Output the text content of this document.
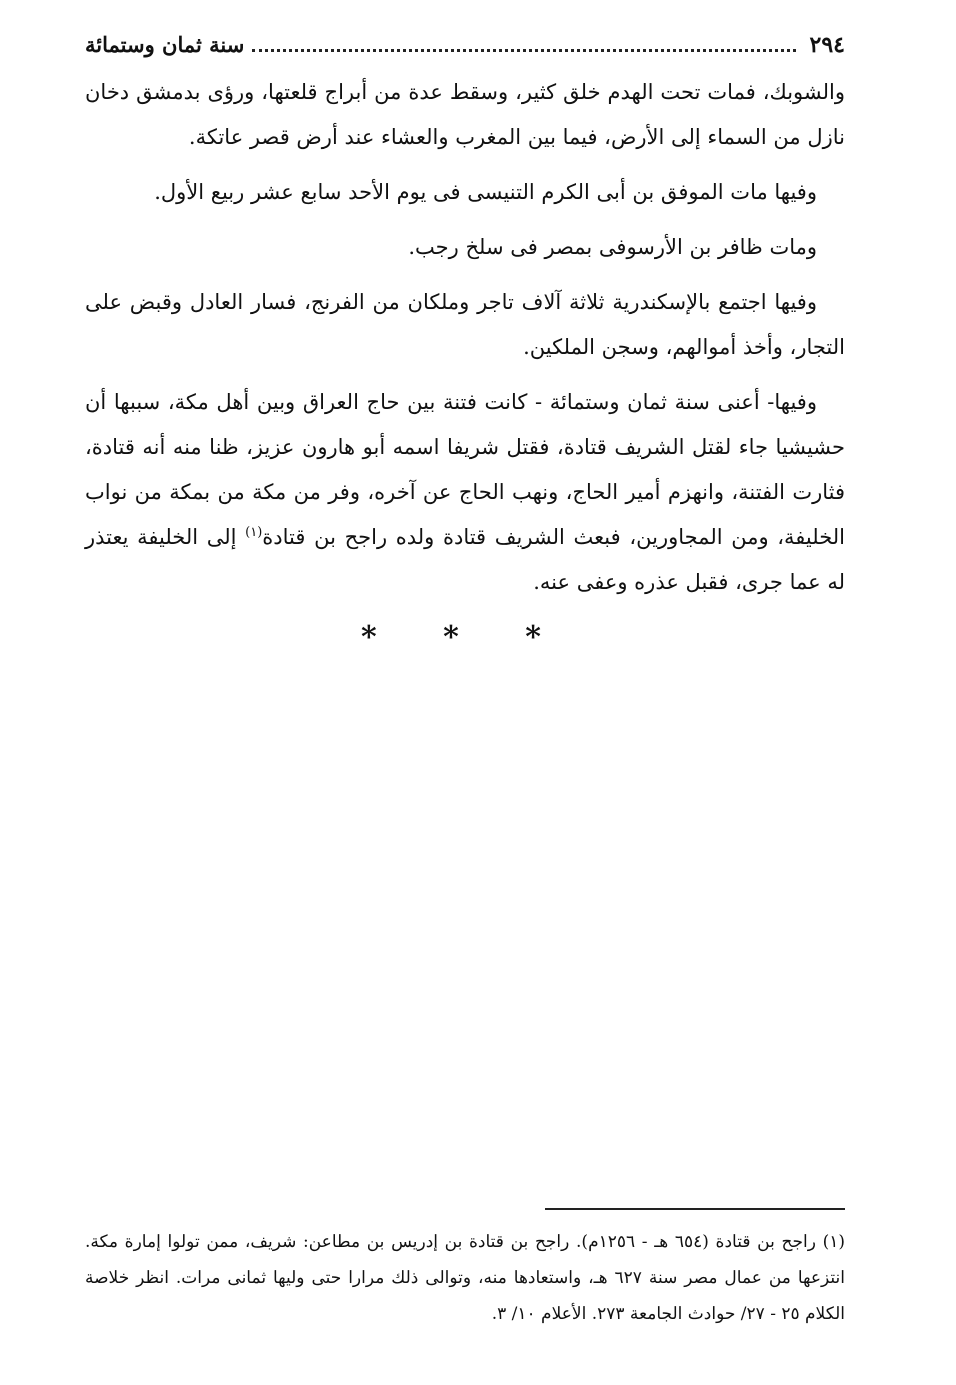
٢٩٤
سنة ثمان وستمائة

والشوبك، فمات تحت الهدم خلق كثير، وسقط عدة من أبراج قلعتها، ورؤى بدمشق دخان نازل من السماء إلى الأرض، فيما بين المغرب والعشاء عند أرض قصر عاتكة.

وفيها مات الموفق بن أبى الكرم التنيسى فى يوم الأحد سابع عشر ربيع الأول.

ومات ظافر بن الأرسوفى بمصر فى سلخ رجب.

وفيها اجتمع بالإسكندرية ثلاثة آلاف تاجر وملكان من الفرنج، فسار العادل وقبض على التجار، وأخذ أموالهم، وسجن الملكين.

وفيها- أعنى سنة ثمان وستمائة - كانت فتنة بين حاج العراق وبين أهل مكة، سببها أن حشيشيا جاء لقتل الشريف قتادة، فقتل شريفا اسمه أبو هارون عزيز، ظنا منه أنه قتادة، فثارت الفتنة، وانهزم أمير الحاج، ونهب الحاج عن آخره، وفر من مكة من بمكة من نواب الخليفة، ومن المجاورين، فبعث الشريف قتادة ولده راجح بن قتادة$^{(١)}$ إلى الخليفة يعتذر له عما جرى، فقبل عذره وعفى عنه.

* * *

(١) راجح بن قتادة (٦٥٤ هـ - ١٢٥٦م). راجح بن قتادة بن إدريس بن مطاعن: شريف، ممن تولوا إمارة مكة. انتزعها من عمال مصر سنة ٦٢٧ هـ، واستعادها منه، وتوالى ذلك مرارا حتى وليها ثمانى مرات. انظر خلاصة الكلام ٢٥ - ٢٧/ حوادث الجامعة ٢٧٣. الأعلام ١٠/ ٣.
